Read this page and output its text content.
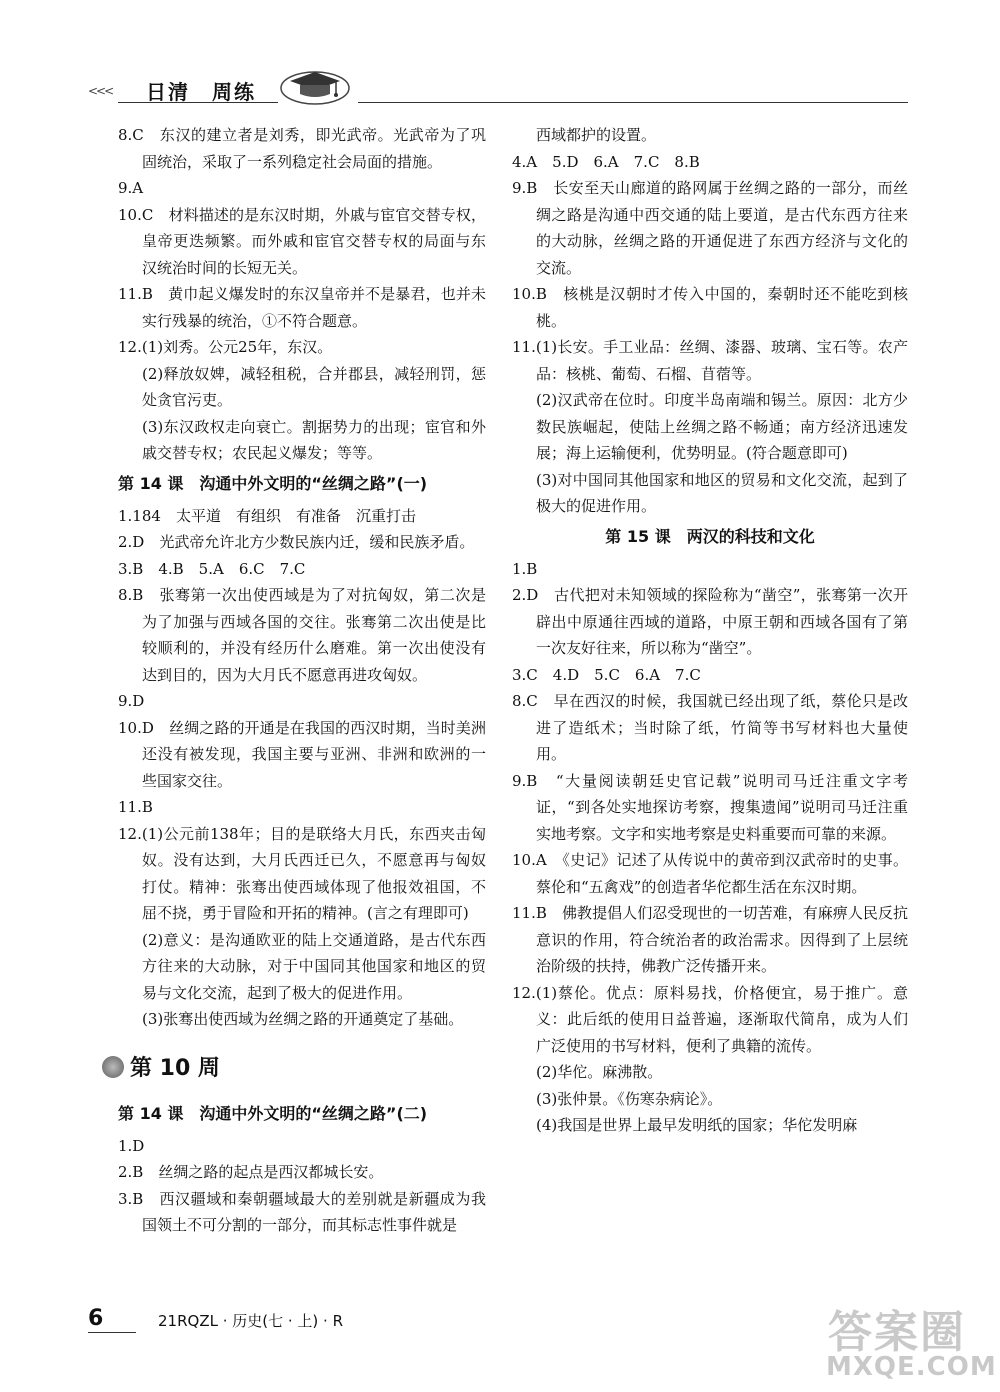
<<< 日清　周练

8.C　东汉的建立者是刘秀，即光武帝。光武帝为了巩固统治，采取了一系列稳定社会局面的措施。

9.A

10.C　材料描述的是东汉时期，外戚与宦官交替专权，皇帝更迭频繁。而外戚和宦官交替专权的局面与东汉统治时间的长短无关。

11.B　黄巾起义爆发时的东汉皇帝并不是暴君，也并未实行残暴的统治，①不符合题意。

12.(1)刘秀。公元25年，东汉。

(2)释放奴婢，减轻租税，合并郡县，减轻刑罚，惩处贪官污吏。

(3)东汉政权走向衰亡。割据势力的出现；宦官和外戚交替专权；农民起义爆发；等等。

第 14 课　沟通中外文明的“丝绸之路”(一)

1.184　太平道　有组织　有准备　沉重打击

2.D　光武帝允许北方少数民族内迁，缓和民族矛盾。

3.B　4.B　5.A　6.C　7.C

8.B　张骞第一次出使西域是为了对抗匈奴，第二次是为了加强与西域各国的交往。张骞第二次出使是比较顺利的，并没有经历什么磨难。第一次出使没有达到目的，因为大月氏不愿意再进攻匈奴。

9.D

10.D　丝绸之路的开通是在我国的西汉时期，当时美洲还没有被发现，我国主要与亚洲、非洲和欧洲的一些国家交往。

11.B

12.(1)公元前138年；目的是联络大月氏，东西夹击匈奴。没有达到，大月氏西迁已久，不愿意再与匈奴打仗。精神：张骞出使西域体现了他报效祖国，不屈不挠，勇于冒险和开拓的精神。(言之有理即可)

(2)意义：是沟通欧亚的陆上交通道路，是古代东西方往来的大动脉，对于中国同其他国家和地区的贸易与文化交流，起到了极大的促进作用。

(3)张骞出使西域为丝绸之路的开通奠定了基础。

第 10 周
第 14 课　沟通中外文明的“丝绸之路”(二)

1.D

2.B　丝绸之路的起点是西汉都城长安。

3.B　西汉疆域和秦朝疆域最大的差别就是新疆成为我国领土不可分割的一部分，而其标志性事件就是

西域都护的设置。

4.A　5.D　6.A　7.C　8.B

9.B　长安至天山廊道的路网属于丝绸之路的一部分，而丝绸之路是沟通中西交通的陆上要道，是古代东西方往来的大动脉，丝绸之路的开通促进了东西方经济与文化的交流。

10.B　核桃是汉朝时才传入中国的，秦朝时还不能吃到核桃。

11.(1)长安。手工业品：丝绸、漆器、玻璃、宝石等。农产品：核桃、葡萄、石榴、苜蓿等。

(2)汉武帝在位时。印度半岛南端和锡兰。原因：北方少数民族崛起，使陆上丝绸之路不畅通；南方经济迅速发展；海上运输便利，优势明显。(符合题意即可)

(3)对中国同其他国家和地区的贸易和文化交流，起到了极大的促进作用。

第 15 课　两汉的科技和文化

1.B

2.D　古代把对未知领域的探险称为“凿空”，张骞第一次开辟出中原通往西域的道路，中原王朝和西域各国有了第一次友好往来，所以称为“凿空”。

3.C　4.D　5.C　6.A　7.C

8.C　早在西汉的时候，我国就已经出现了纸，蔡伦只是改进了造纸术；当时除了纸，竹简等书写材料也大量使用。

9.B　“大量阅读朝廷史官记载”说明司马迁注重文字考证，“到各处实地探访考察，搜集遗闻”说明司马迁注重实地考察。文字和实地考察是史料重要而可靠的来源。

10.A　《史记》记述了从传说中的黄帝到汉武帝时的史事。蔡伦和“五禽戏”的创造者华佗都生活在东汉时期。

11.B　佛教提倡人们忍受现世的一切苦难，有麻痹人民反抗意识的作用，符合统治者的政治需求。因得到了上层统治阶级的扶持，佛教广泛传播开来。

12.(1)蔡伦。优点：原料易找，价格便宜，易于推广。意义：此后纸的使用日益普遍，逐渐取代简帛，成为人们广泛使用的书写材料，便利了典籍的流传。

(2)华佗。麻沸散。

(3)张仲景。《伤寒杂病论》。

(4)我国是世界上最早发明纸的国家；华佗发明麻

6	21RQZL · 历史(七 · 上) · R	答案圈
MXQE.COM
